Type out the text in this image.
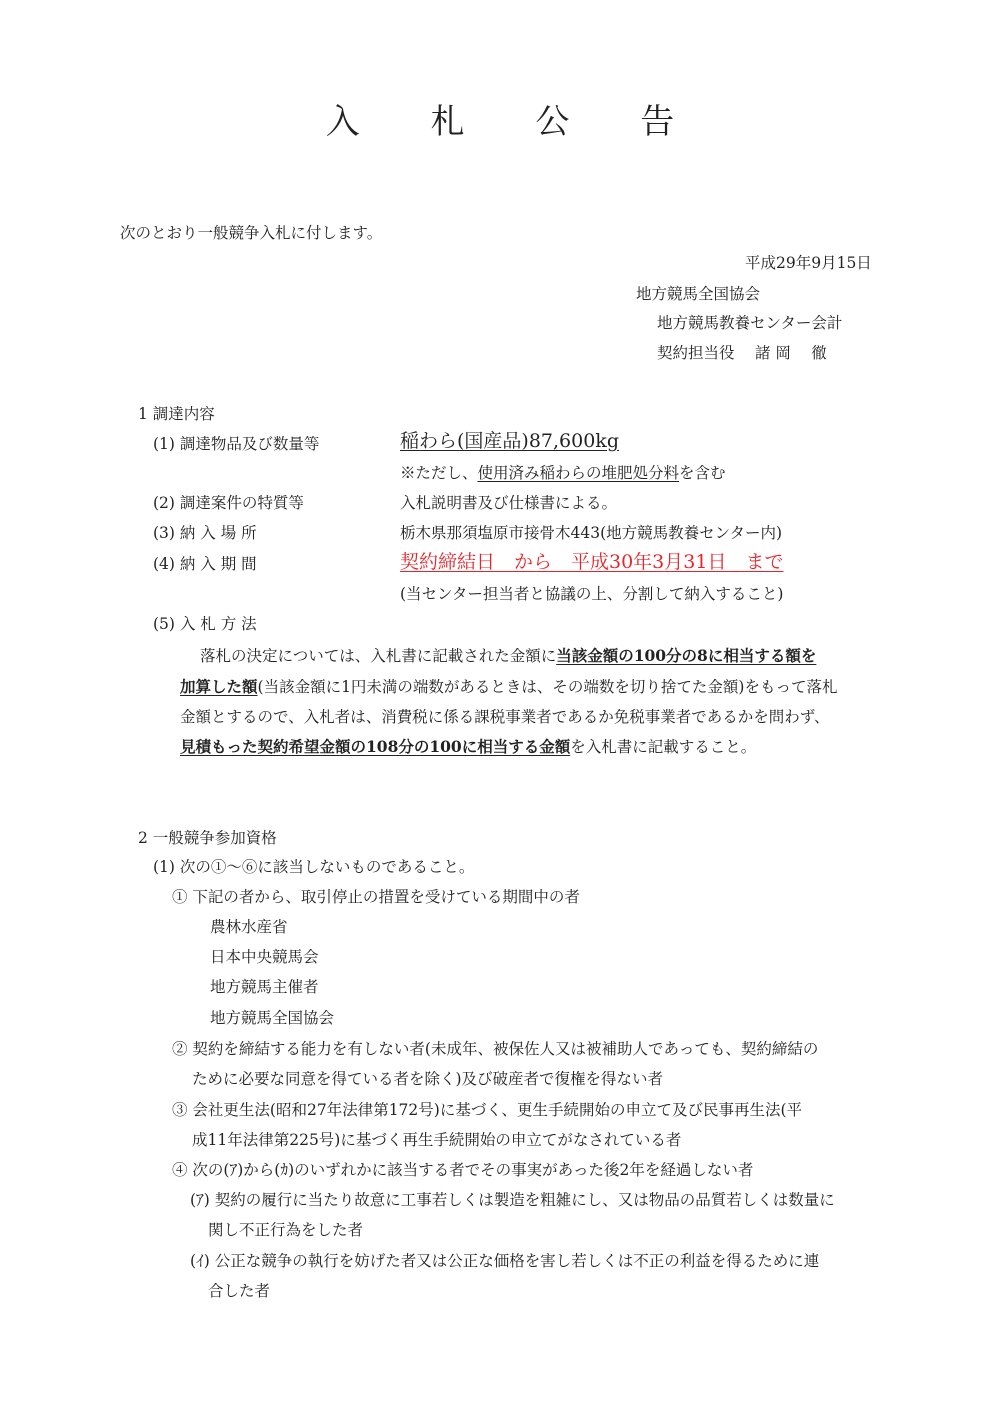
入 札 公 告
次のとおり一般競争入札に付します。
平成29年9月15日
地方競馬全国協会
地方競馬教養センター会計
契約担当役　 諸 岡　 徹
1 調達内容
(1) 調達物品及び数量等	稲わら(国産品)87,600kg
※ただし、使用済み稲わらの堆肥処分料を含む
(2) 調達案件の特質等	入札説明書及び仕様書による。
(3) 納 入 場 所	栃木県那須塩原市接骨木443(地方競馬教養センター内)
(4) 納 入 期 間	契約締結日　から　平成30年3月31日　まで
(当センター担当者と協議の上、分割して納入すること)
(5) 入 札 方 法
落札の決定については、入札書に記載された金額に当該金額の100分の8に相当する額を
加算した額(当該金額に1円未満の端数があるときは、その端数を切り捨てた金額)をもって落札
金額とするので、入札者は、消費税に係る課税事業者であるか免税事業者であるかを問わず、
見積もった契約希望金額の108分の100に相当する金額を入札書に記載すること。
2 一般競争参加資格
(1) 次の①～⑥に該当しないものであること。
① 下記の者から、取引停止の措置を受けている期間中の者
農林水産省
日本中央競馬会
地方競馬主催者
地方競馬全国協会
② 契約を締結する能力を有しない者(未成年、被保佐人又は被補助人であっても、契約締結の
ために必要な同意を得ている者を除く)及び破産者で復権を得ない者
③ 会社更生法(昭和27年法律第172号)に基づく、更生手続開始の申立て及び民事再生法(平
成11年法律第225号)に基づく再生手続開始の申立てがなされている者
④ 次の(ｱ)から(ｶ)のいずれかに該当する者でその事実があった後2年を経過しない者
(ｱ) 契約の履行に当たり故意に工事若しくは製造を粗雑にし、又は物品の品質若しくは数量に
関し不正行為をした者
(ｲ) 公正な競争の執行を妨げた者又は公正な価格を害し若しくは不正の利益を得るために連
合した者
